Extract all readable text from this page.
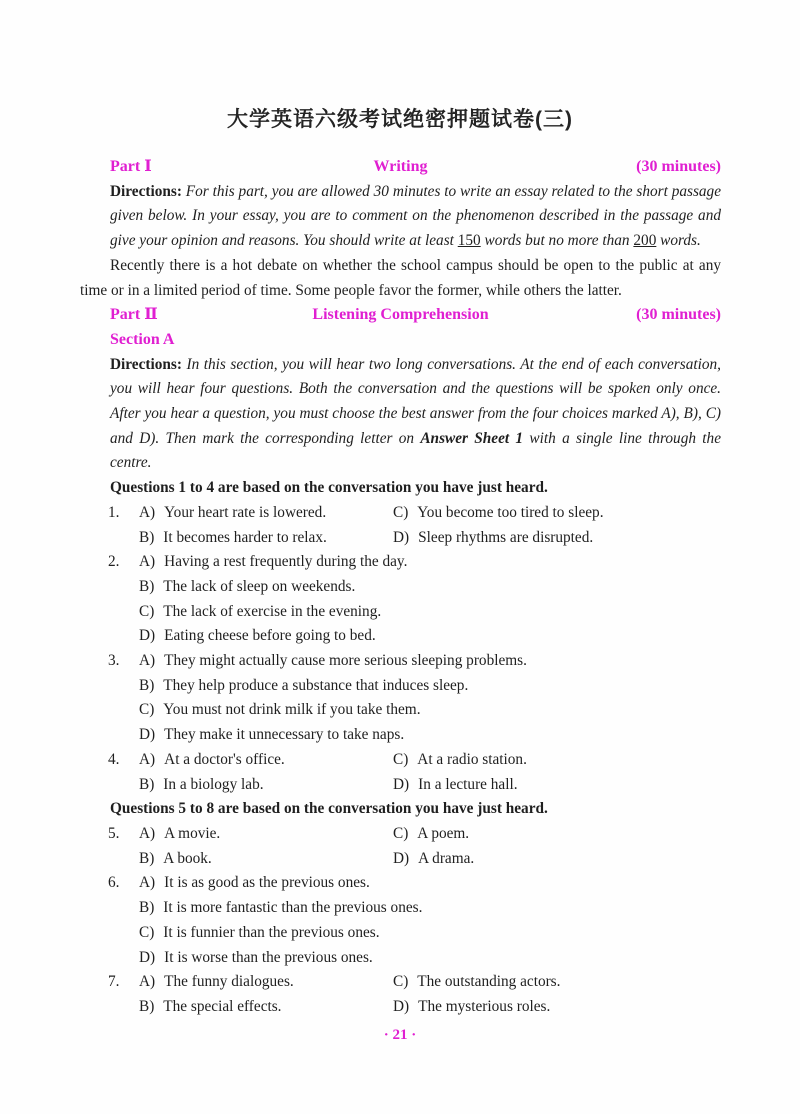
大学英语六级考试绝密押题试卷(三)
Part Ⅰ	Writing	(30 minutes)

Directions: For this part, you are allowed 30 minutes to write an essay related to the short passage given below. In your essay, you are to comment on the phenomenon described in the passage and give your opinion and reasons. You should write at least 150 words but no more than 200 words.

Recently there is a hot debate on whether the school campus should be open to the public at any time or in a limited period of time. Some people favor the former, while others the latter.

Part Ⅱ	Listening Comprehension	(30 minutes)
Section A

Directions: In this section, you will hear two long conversations. At the end of each conversation, you will hear four questions. Both the conversation and the questions will be spoken only once. After you hear a question, you must choose the best answer from the four choices marked A), B), C) and D). Then mark the corresponding letter on Answer Sheet 1 with a single line through the centre.

Questions 1 to 4 are based on the conversation you have just heard.

1.	A) Your heart rate is lowered.	C) You become too tired to sleep.
B) It becomes harder to relax.	D) Sleep rhythms are disrupted.
2.	A) Having a rest frequently during the day.
B) The lack of sleep on weekends.
C) The lack of exercise in the evening.
D) Eating cheese before going to bed.
3.	A) They might actually cause more serious sleeping problems.
B) They help produce a substance that induces sleep.
C) You must not drink milk if you take them.
D) They make it unnecessary to take naps.
4.	A) At a doctor's office.	C) At a radio station.
B) In a biology lab.	D) In a lecture hall.

Questions 5 to 8 are based on the conversation you have just heard.

5.	A) A movie.	C) A poem.
B) A book.	D) A drama.
6.	A) It is as good as the previous ones.
B) It is more fantastic than the previous ones.
C) It is funnier than the previous ones.
D) It is worse than the previous ones.
7.	A) The funny dialogues.	C) The outstanding actors.
B) The special effects.	D) The mysterious roles.
· 21 ·
